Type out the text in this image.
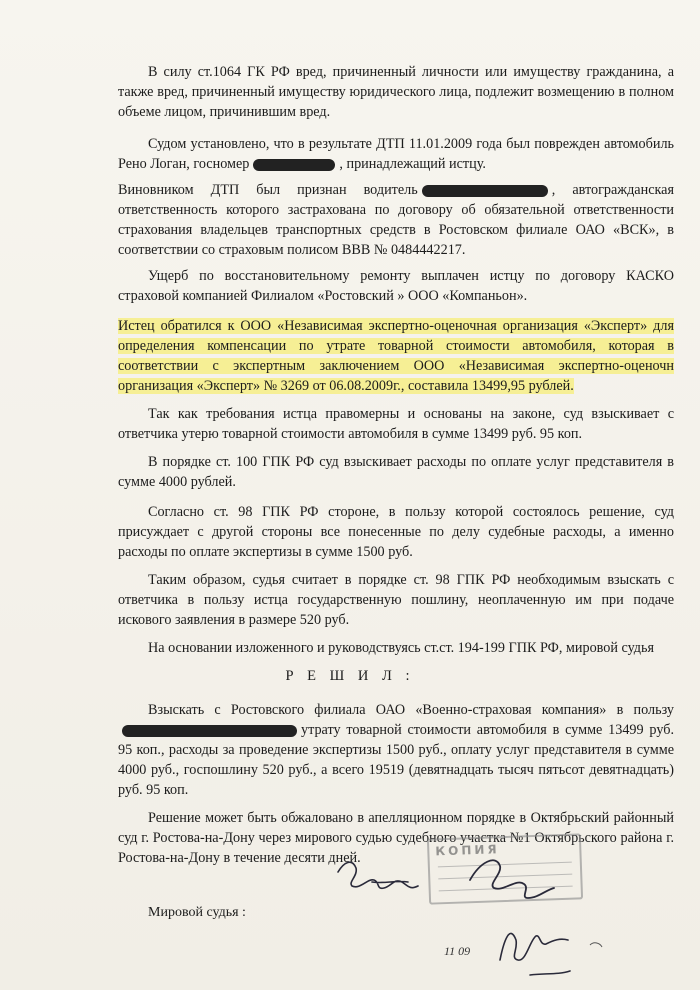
В силу ст.1064 ГК РФ вред, причиненный личности или имуществу гражданина, а также вред, причиненный имуществу юридического лица, подлежит возмещению в полном объеме лицом, причинившим вред.

Судом установлено, что в результате ДТП 11.01.2009 года был поврежден автомобиль Рено Логан, госномер	, принадлежащий истцу.

Виновником ДТП был признан водитель	, автогражданская ответственность которого застрахована по договору об обязательной ответственности страхования владельцев транспортных средств в Ростовском филиале ОАО «ВСК», в соответствии со страховым полисом ВВВ № 0484442217.

Ущерб по восстановительному ремонту выплачен истцу по договору КАСКО страховой компанией Филиалом «Ростовский » ООО «Компаньон».

Истец обратился к ООО «Независимая экспертно-оценочная организация «Эксперт» для определения компенсации по утрате товарной стоимости автомобиля, которая в соответствии с экспертным заключением ООО «Независимая экспертно-оценочн организация «Эксперт» № 3269 от 06.08.2009г., составила 13499,95 рублей.

Так как требования истца правомерны и основаны на законе, суд взыскивает с ответчика утерю товарной стоимости автомобиля в сумме 13499 руб. 95 коп.

В порядке ст. 100 ГПК РФ суд взыскивает расходы по оплате услуг представителя в сумме 4000 рублей.

Согласно ст. 98 ГПК РФ стороне, в пользу которой состоялось решение, суд присуждает с другой стороны все понесенные по делу судебные расходы, а именно расходы по оплате экспертизы в сумме 1500 руб.

Таким образом, судья считает в порядке ст. 98 ГПК РФ необходимым взыскать с ответчика в пользу истца государственную пошлину, неоплаченную им при подаче искового заявления в размере 520 руб.

На основании изложенного и руководствуясь ст.ст. 194-199 ГПК РФ, мировой судья

Р Е Ш И Л :

Взыскать с Ростовского филиала ОАО «Военно-страховая компания» в пользуутрату товарной стоимости автомобиля в сумме 13499 руб. 95 коп., расходы за проведение экспертизы 1500 руб., оплату услуг представителя в сумме 4000 руб., госпошлину 520 руб., а всего 19519 (девятнадцать тысяч пятьсот девятнадцать) руб. 95 коп.

Решение может быть обжаловано в апелляционном порядке в Октябрьский районный суд г. Ростова-на-Дону через мирового судью судебного участка №1 Октябрьского района г. Ростова-на-Дону в течение десяти дней.	КОПИЯ
11 09
Мировой судья :
